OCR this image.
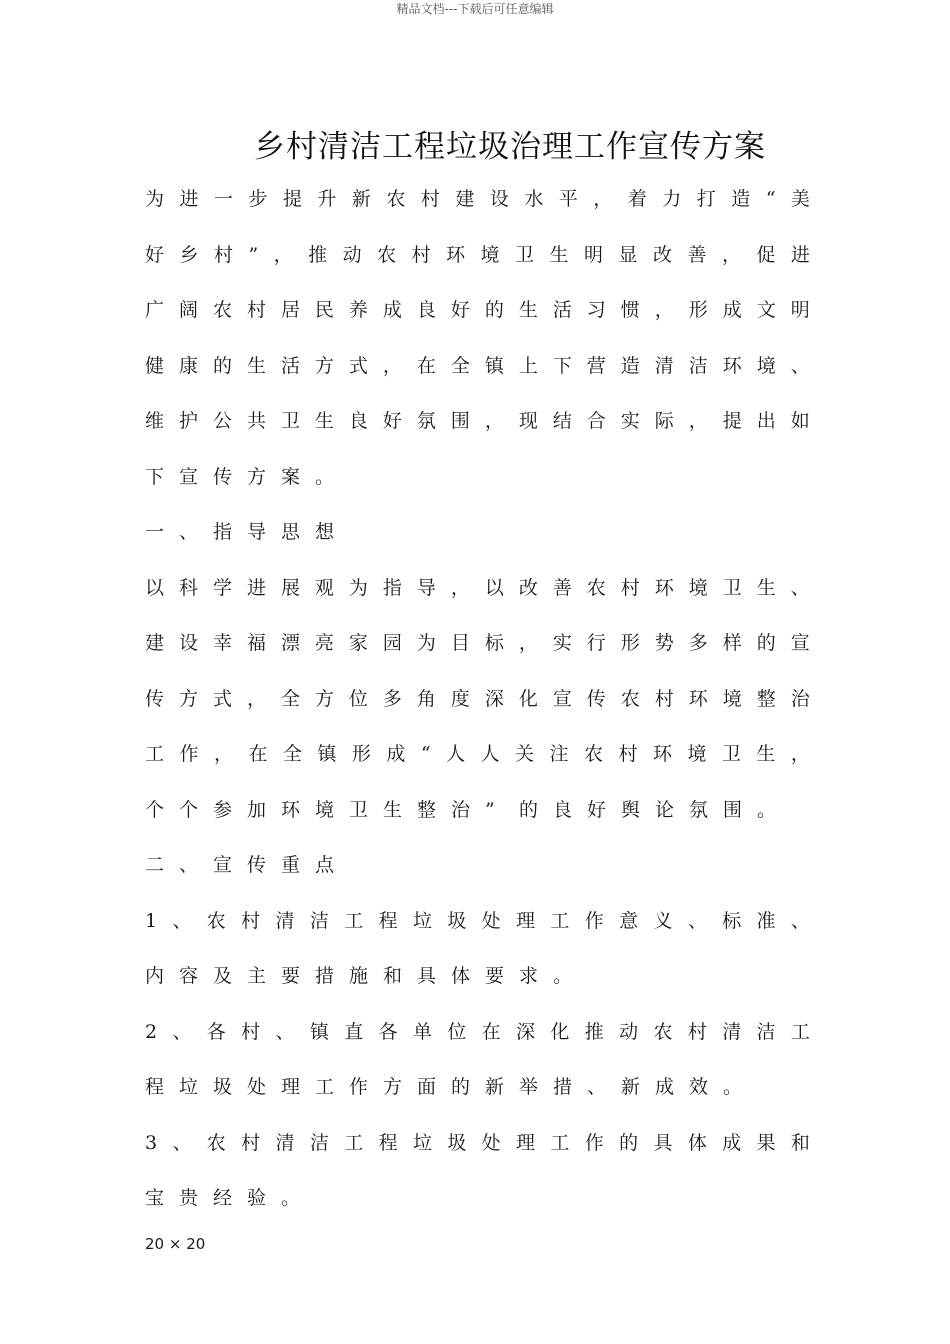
精品文档---下载后可任意编辑
乡村清洁工程垃圾治理工作宣传方案
为 进 一 步 提 升 新 农 村 建 设 水 平 ， 着 力 打 造 “ 美
好 乡 村 ” ， 推 动 农 村 环 境 卫 生 明 显 改 善 ， 促 进
广 阔 农 村 居 民 养 成 良 好 的 生 活 习 惯 ， 形 成 文 明
健 康 的 生 活 方 式 ， 在 全 镇 上 下 营 造 清 洁 环 境 、
维 护 公 共 卫 生 良 好 氛 围 ， 现 结 合 实 际 ， 提 出 如
下 宣 传 方 案 。
一 、 指 导 思 想
以 科 学 进 展 观 为 指 导 ， 以 改 善 农 村 环 境 卫 生 、
建 设 幸 福 漂 亮 家 园 为 目 标 ， 实 行 形 势 多 样 的 宣
传 方 式 ， 全 方 位 多 角 度 深 化 宣 传 农 村 环 境 整 治
工 作 ， 在 全 镇 形 成 “ 人 人 关 注 农 村 环 境 卫 生 ，
个 个 参 加 环 境 卫 生 整 治 ”	的 良 好 舆 论 氛 围 。
二 、 宣 传 重 点
1 、 农 村 清 洁 工 程 垃 圾 处 理 工 作 意 义 、 标 准 、
内 容 及 主 要 措 施 和 具 体 要 求 。
2 、 各 村 、 镇 直 各 单 位 在 深 化 推 动 农 村 清 洁 工
程 垃 圾 处 理 工 作 方 面 的 新 举 措 、 新 成 效 。
3 、 农 村 清 洁 工 程 垃 圾 处 理 工 作 的 具 体 成 果 和
宝 贵 经 验 。
20 × 20
